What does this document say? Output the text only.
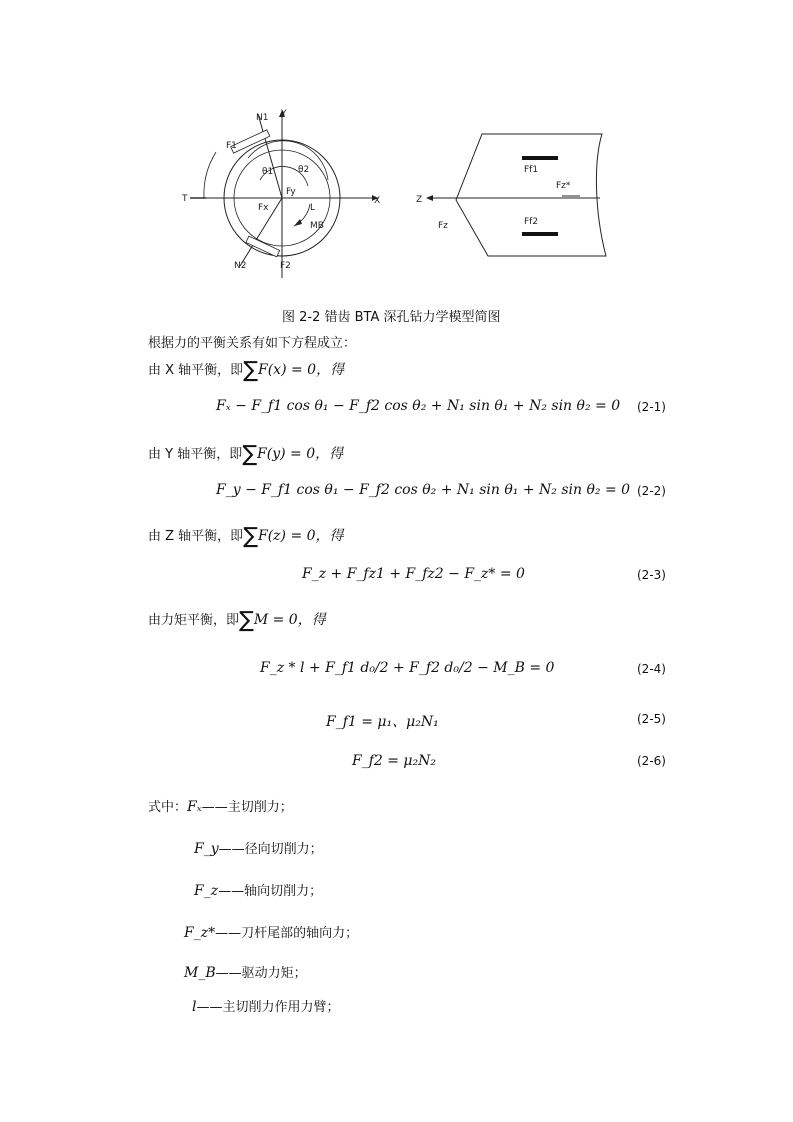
Y
X
T
L
MB
Fx
Fy
N1
F1
N2	F2
θ1	θ2
Z
Fz
Ff1
Ff2
Fz*
图 2-2 错齿 BTA 深孔钻力学模型简图
根据力的平衡关系有如下方程成立：
由 X 轴平衡，即∑F(x) = 0，得
Fₓ − F_f1 cos θ₁ − F_f2 cos θ₂ + N₁ sin θ₁ + N₂ sin θ₂ = 0 (2-1)
由 Y 轴平衡，即∑F(y) = 0，得
F_y − F_f1 cos θ₁ − F_f2 cos θ₂ + N₁ sin θ₁ + N₂ sin θ₂ = 0 (2-2)
由 Z 轴平衡，即∑F(z) = 0，得
F_z + F_fz1 + F_fz2 − F_z* = 0	(2-3)
由力矩平衡，即∑M = 0，得
F_z * l + F_f1 d₀/2 + F_f2 d₀/2 − M_B = 0	(2-4)
F_f1 = μ₁、μ₂N₁	(2-5)
F_f2 = μ₂N₂	(2-6)
式中：Fₓ——主切削力；
F_y——径向切削力；
F_z——轴向切削力；
F_z*——刀杆尾部的轴向力；
M_B——驱动力矩；
l——主切削力作用力臂；
